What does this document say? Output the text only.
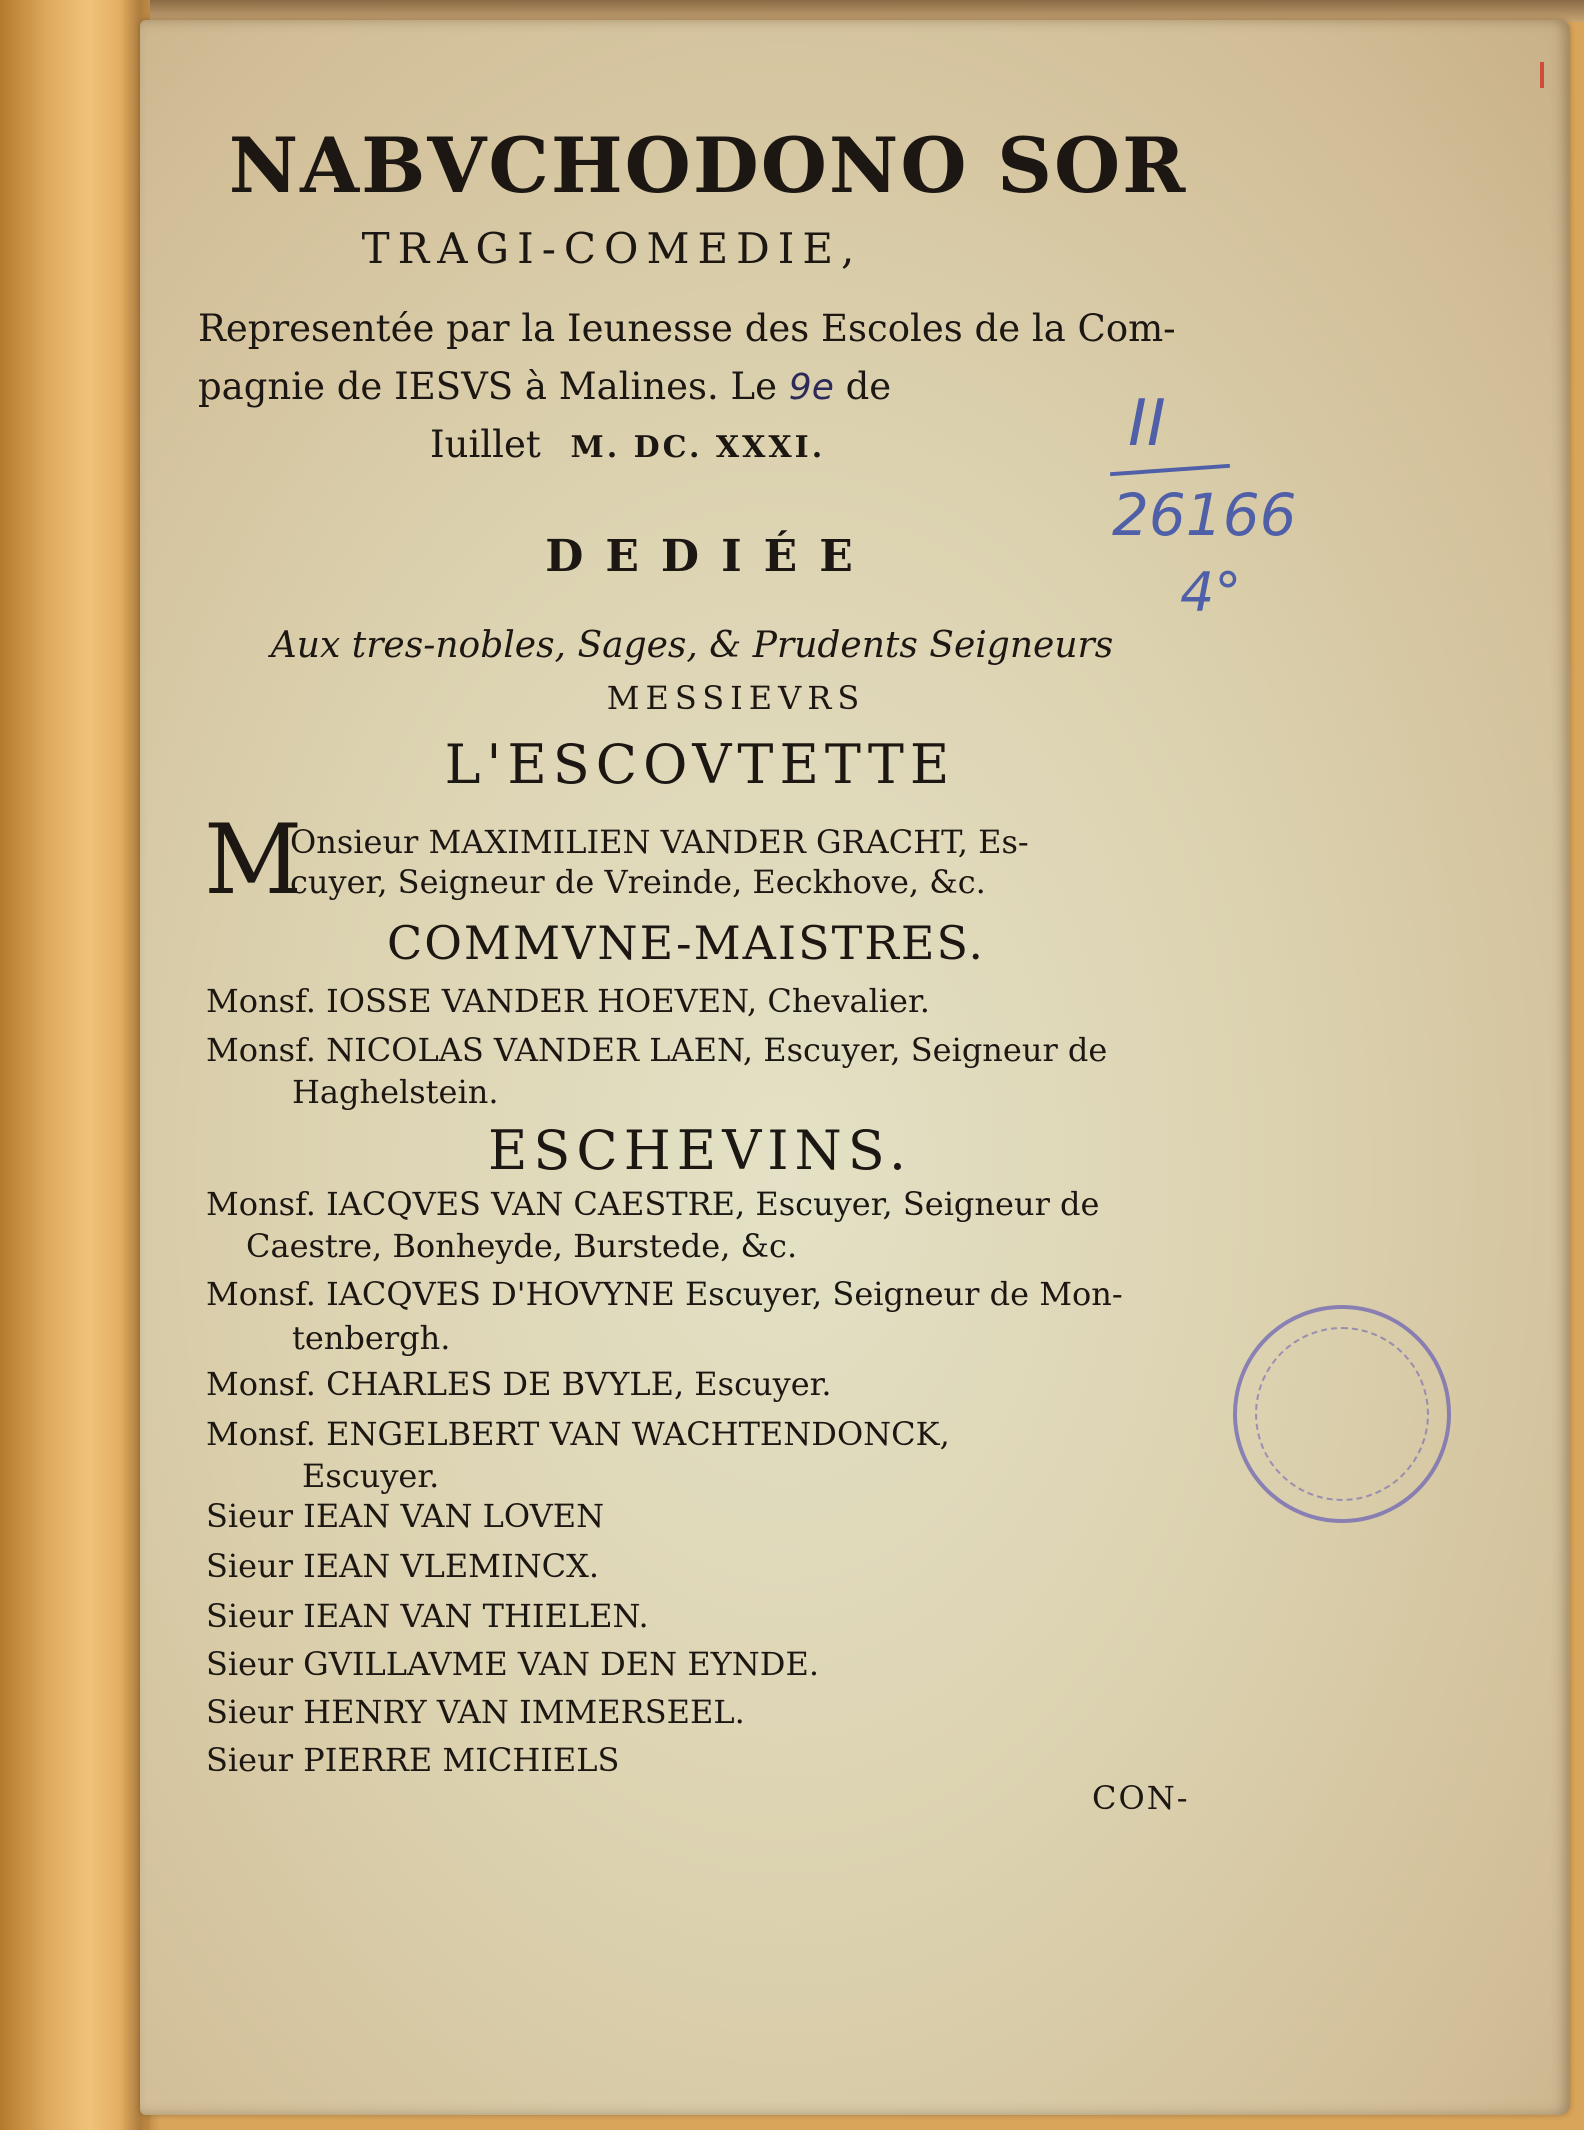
NABVCHODONO SOR
TRAGI-COMEDIE,
Representée par la Ieunesse des Escoles de la Com-
pagnie de IESVS à Malines. Le 9e de
Iuillet M. DC. XXXI.	II
26166
4°
DEDIÉE
Aux tres-nobles, Sages, & Prudents Seigneurs
MESSIEVRS
L'ESCOVTETTE
M
Onsieur MAXIMILIEN VANDER GRACHT, Es-
cuyer, Seigneur de Vreinde, Eeckhove, &c.
COMMVNE-MAISTRES.
Monsf. IOSSE VANDER HOEVEN, Chevalier.
Monsf. NICOLAS VANDER LAEN, Escuyer, Seigneur de
Haghelstein.
ESCHEVINS.
Monsf. IACQVES VAN CAESTRE, Escuyer, Seigneur de
Caestre, Bonheyde, Burstede, &c.
Monsf. IACQVES D'HOVYNE Escuyer, Seigneur de Mon-
tenbergh.
Monsf. CHARLES DE BVYLE, Escuyer.
Monsf. ENGELBERT VAN WACHTENDONCK,
Escuyer.
Sieur IEAN VAN LOVEN
Sieur IEAN VLEMINCX.
Sieur IEAN VAN THIELEN.
Sieur GVILLAVME VAN DEN EYNDE.
Sieur HENRY VAN IMMERSEEL.
Sieur PIERRE MICHIELS
CON-
